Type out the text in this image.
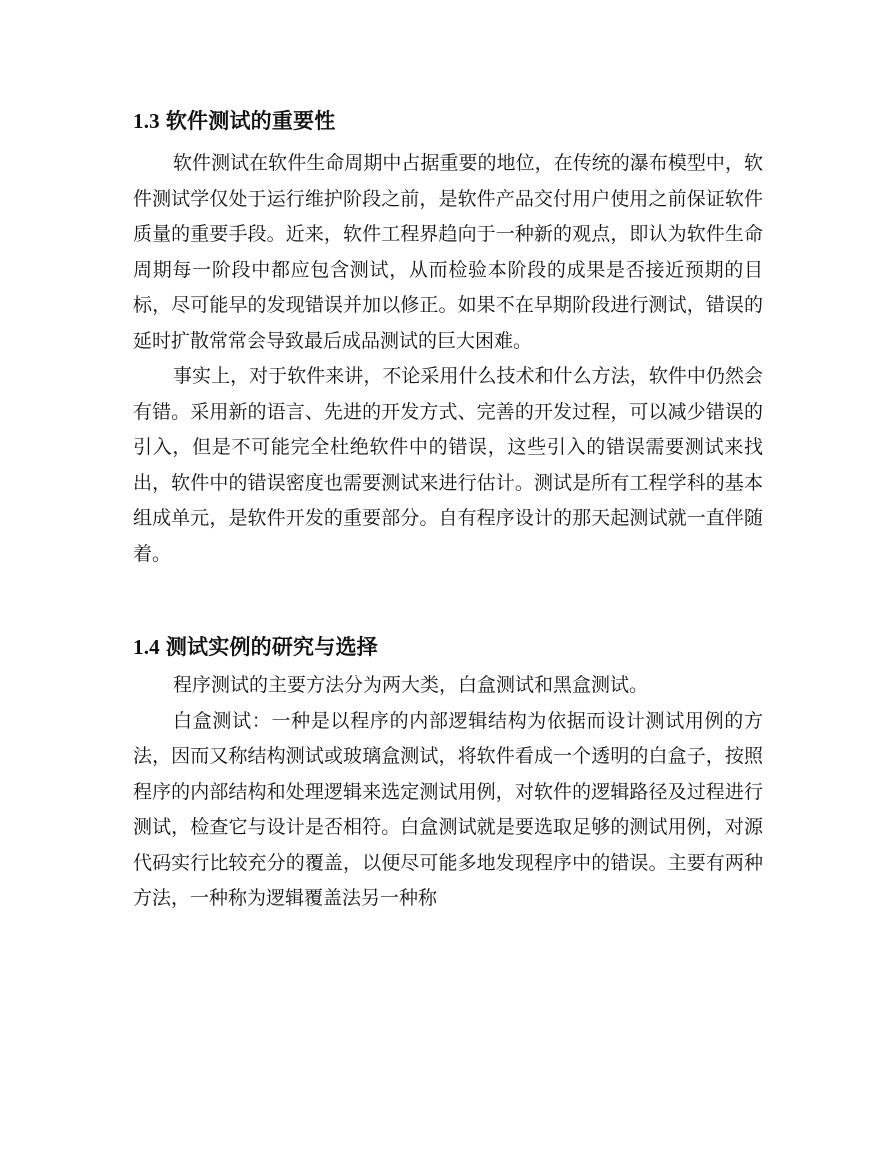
1.3 软件测试的重要性

软件测试在软件生命周期中占据重要的地位，在传统的瀑布模型中，软件测试学仅处于运行维护阶段之前，是软件产品交付用户使用之前保证软件质量的重要手段。近来，软件工程界趋向于一种新的观点，即认为软件生命周期每一阶段中都应包含测试，从而检验本阶段的成果是否接近预期的目标，尽可能早的发现错误并加以修正。如果不在早期阶段进行测试，错误的延时扩散常常会导致最后成品测试的巨大困难。

事实上，对于软件来讲，不论采用什么技术和什么方法，软件中仍然会有错。采用新的语言、先进的开发方式、完善的开发过程，可以减少错误的引入，但是不可能完全杜绝软件中的错误，这些引入的错误需要测试来找出，软件中的错误密度也需要测试来进行估计。测试是所有工程学科的基本组成单元，是软件开发的重要部分。自有程序设计的那天起测试就一直伴随着。

1.4 测试实例的研究与选择

程序测试的主要方法分为两大类，白盒测试和黑盒测试。

白盒测试：一种是以程序的内部逻辑结构为依据而设计测试用例的方法，因而又称结构测试或玻璃盒测试，将软件看成一个透明的白盒子，按照程序的内部结构和处理逻辑来选定测试用例，对软件的逻辑路径及过程进行测试，检查它与设计是否相符。白盒测试就是要选取足够的测试用例，对源代码实行比较充分的覆盖，以便尽可能多地发现程序中的错误。主要有两种方法，一种称为逻辑覆盖法另一种称
